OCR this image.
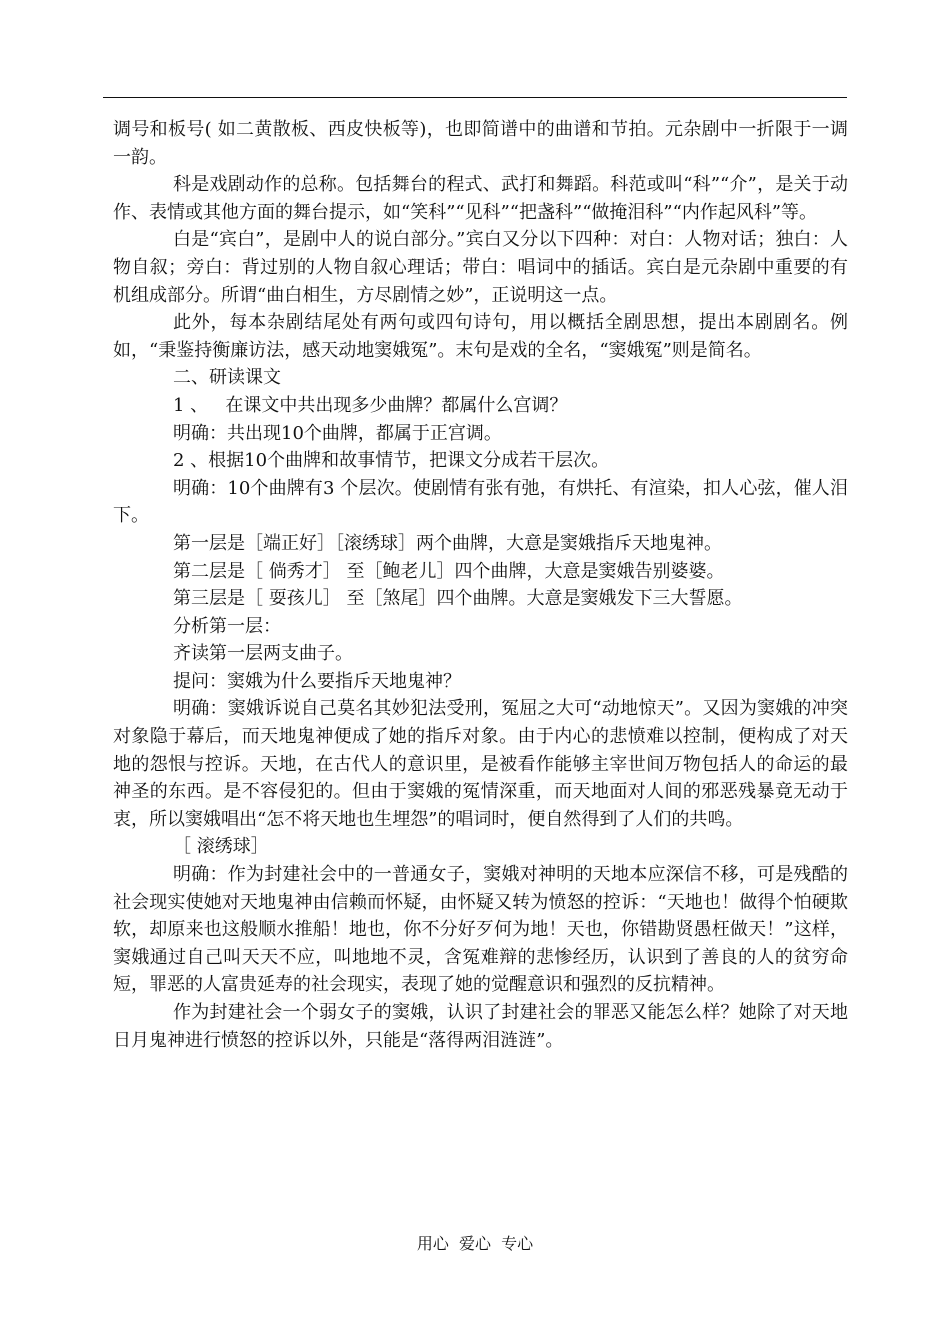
调号和板号( 如二黄散板、西皮快板等)，也即简谱中的曲谱和节拍。元杂剧中一折限于一调一韵。

科是戏剧动作的总称。包括舞台的程式、武打和舞蹈。科范或叫“科”“介”，是关于动作、表情或其他方面的舞台提示，如“笑科”“见科”“把盏科”“做掩泪科”“内作起风科”等。

白是“宾白”，是剧中人的说白部分。”宾白又分以下四种：对白：人物对话；独白：人物自叙；旁白：背过别的人物自叙心理话；带白：唱词中的插话。宾白是元杂剧中重要的有机组成部分。所谓“曲白相生，方尽剧情之妙”，正说明这一点。

此外，每本杂剧结尾处有两句或四句诗句，用以概括全剧思想，提出本剧剧名。例如，“秉鉴持衡廉访法，感天动地窦娥冤”。末句是戏的全名，“窦娥冤”则是简名。

二、研读课文

1 、   在课文中共出现多少曲牌？都属什么宫调？

明确：共出现10个曲牌，都属于正宫调。

2 、根据10个曲牌和故事情节，把课文分成若干层次。

明确：10个曲牌有3 个层次。使剧情有张有弛，有烘托、有渲染，扣人心弦，催人泪下。

第一层是［端正好］［滚绣球］两个曲牌，大意是窦娥指斥天地鬼神。

第二层是［ 倘秀才］ 至［鲍老儿］四个曲牌，大意是窦娥告别婆婆。

第三层是［ 耍孩儿］ 至［煞尾］四个曲牌。大意是窦娥发下三大誓愿。

分析第一层：

齐读第一层两支曲子。

提问：窦娥为什么要指斥天地鬼神？

明确：窦娥诉说自己莫名其妙犯法受刑，冤屈之大可“动地惊天”。又因为窦娥的冲突对象隐于幕后，而天地鬼神便成了她的指斥对象。由于内心的悲愤难以控制，便构成了对天地的怨恨与控诉。天地，在古代人的意识里，是被看作能够主宰世间万物包括人的命运的最神圣的东西。是不容侵犯的。但由于窦娥的冤情深重，而天地面对人间的邪恶残暴竟无动于衷，所以窦娥唱出“怎不将天地也生埋怨”的唱词时，便自然得到了人们的共鸣。

［ 滚绣球］

明确：作为封建社会中的一普通女子，窦娥对神明的天地本应深信不移，可是残酷的社会现实使她对天地鬼神由信赖而怀疑，由怀疑又转为愤怒的控诉：“天地也！做得个怕硬欺软，却原来也这般顺水推船！地也，你不分好歹何为地！天也，你错勘贤愚枉做天！”这样，窦娥通过自己叫天天不应，叫地地不灵，含冤难辩的悲惨经历，认识到了善良的人的贫穷命短，罪恶的人富贵延寿的社会现实，表现了她的觉醒意识和强烈的反抗精神。

作为封建社会一个弱女子的窦娥，认识了封建社会的罪恶又能怎么样？她除了对天地日月鬼神进行愤怒的控诉以外，只能是“落得两泪涟涟”。

用心  爱心  专心
